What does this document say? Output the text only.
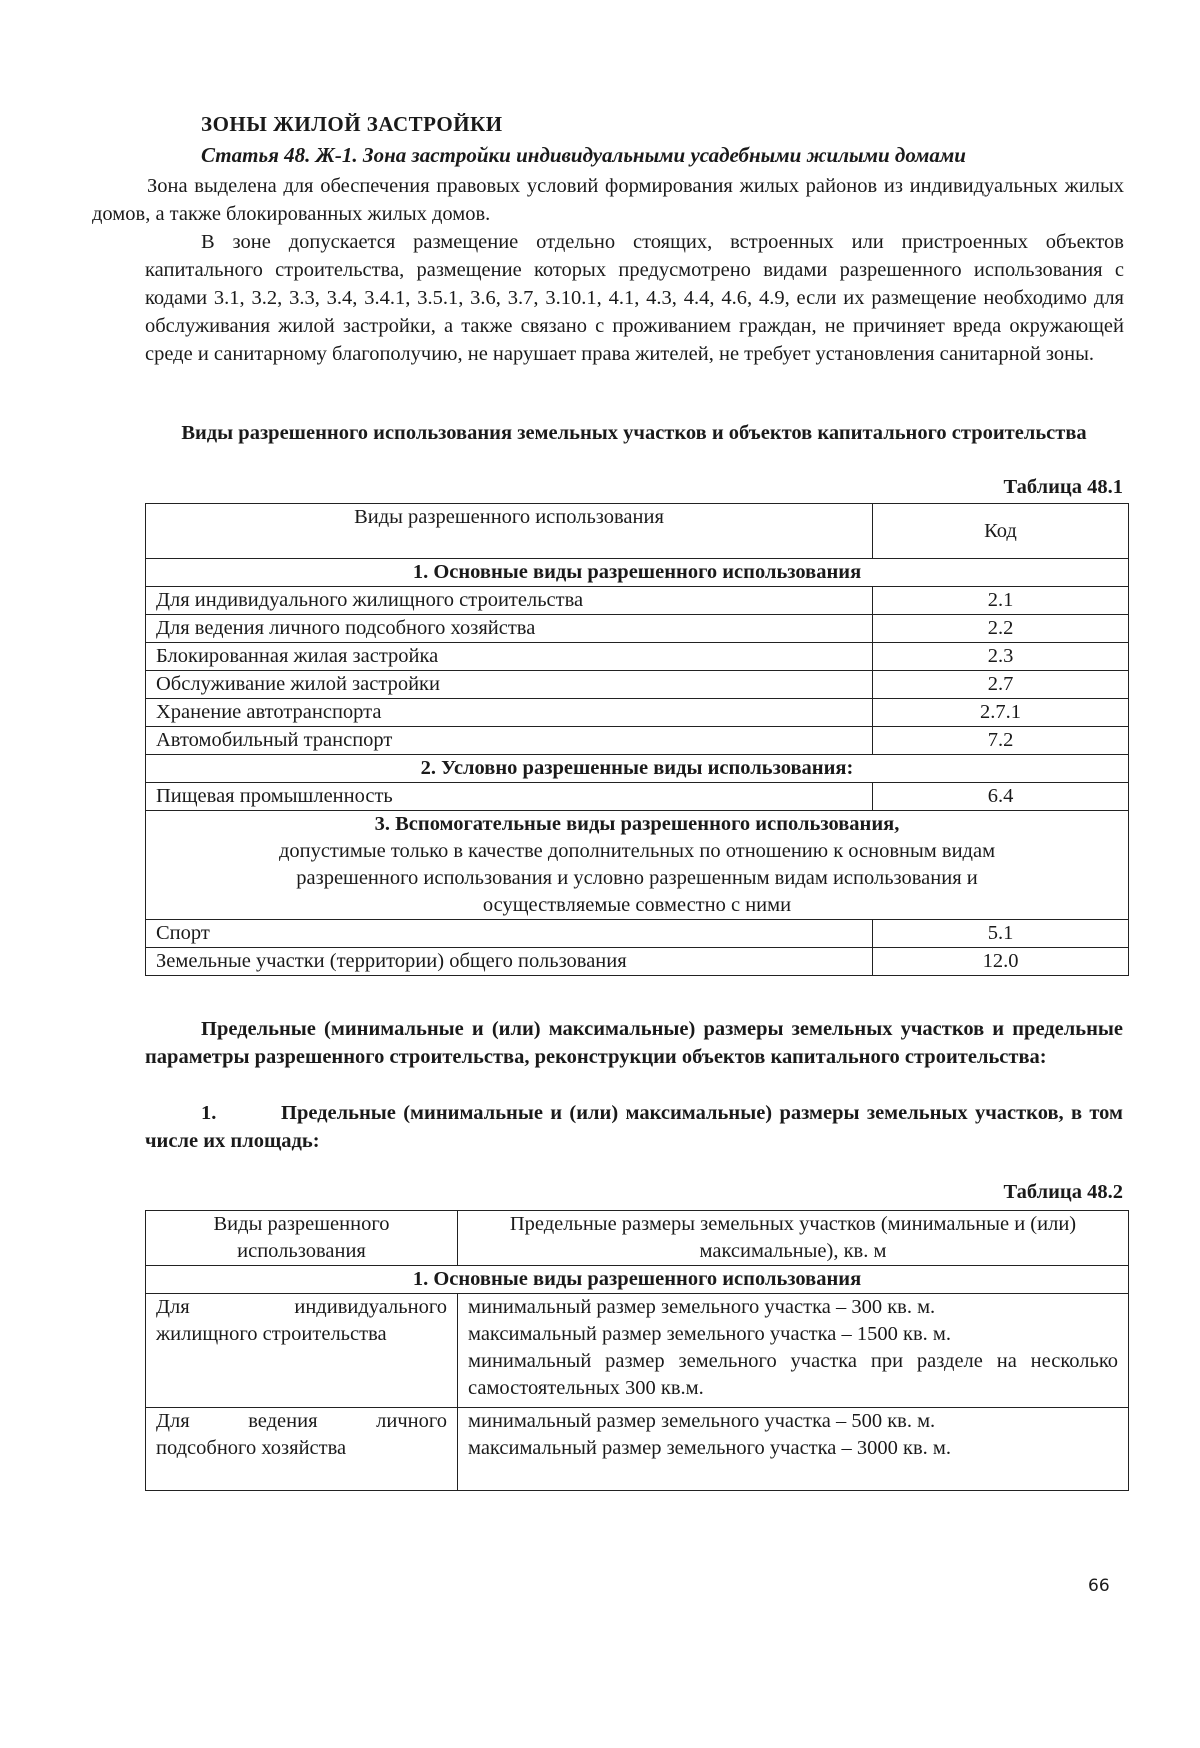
ЗОНЫ ЖИЛОЙ ЗАСТРОЙКИ
Статья 48. Ж-1. Зона застройки индивидуальными усадебными жилыми домами

Зона выделена для обеспечения правовых условий формирования жилых районов из индивидуальных жилых домов, а также блокированных жилых домов.

В зоне допускается размещение отдельно стоящих, встроенных или пристроенных объектов капитального строительства, размещение которых предусмотрено видами разрешенного использования с кодами 3.1, 3.2, 3.3, 3.4, 3.4.1, 3.5.1, 3.6, 3.7, 3.10.1, 4.1, 4.3, 4.4, 4.6, 4.9, если их размещение необходимо для обслуживания жилой застройки, а также связано с проживанием граждан, не причиняет вреда окружающей среде и санитарному благополучию, не нарушает права жителей, не требует установления санитарной зоны.

Виды разрешенного использования земельных участков и объектов капитального строительства
Таблица 48.1
Виды разрешенного использования	Код
1. Основные виды разрешенного использования	
Для индивидуального жилищного строительства	2.1
Для ведения личного подсобного хозяйства	2.2
Блокированная жилая застройка	2.3
Обслуживание жилой застройки	2.7
Хранение автотранспорта	2.7.1
Автомобильный транспорт	7.2
2. Условно разрешенные виды использования:	
Пищевая промышленность	6.4
3. Вспомогательные виды разрешенного использования,
допустимые только в качестве дополнительных по отношению к основным видам разрешенного использования и условно разрешенным видам использования и осуществляемые совместно с ними	

Спорт	5.1
Земельные участки (территории) общего пользования	12.0

Предельные (минимальные и (или) максимальные) размеры земельных участков и предельные параметры разрешенного строительства, реконструкции объектов капитального строительства:

1.	Предельные (минимальные и (или) максимальные) размеры земельных участков, в том числе их площадь:

Таблица 48.2
Виды разрешенного использования	Предельные размеры земельных участков (минимальные и (или) максимальные), кв. м
1. Основные виды разрешенного использования	

Для индивидуального
жилищного строительства	минимальный размер земельного участка – 300 кв. м.
максимальный размер земельного участка – 1500 кв. м.
минимальный размер земельного участка при разделе на несколько самостоятельных 300 кв.м.

Для ведения личного
подсобного хозяйства	минимальный размер земельного участка – 500 кв. м.
максимальный размер земельного участка – 3000 кв. м.
66
